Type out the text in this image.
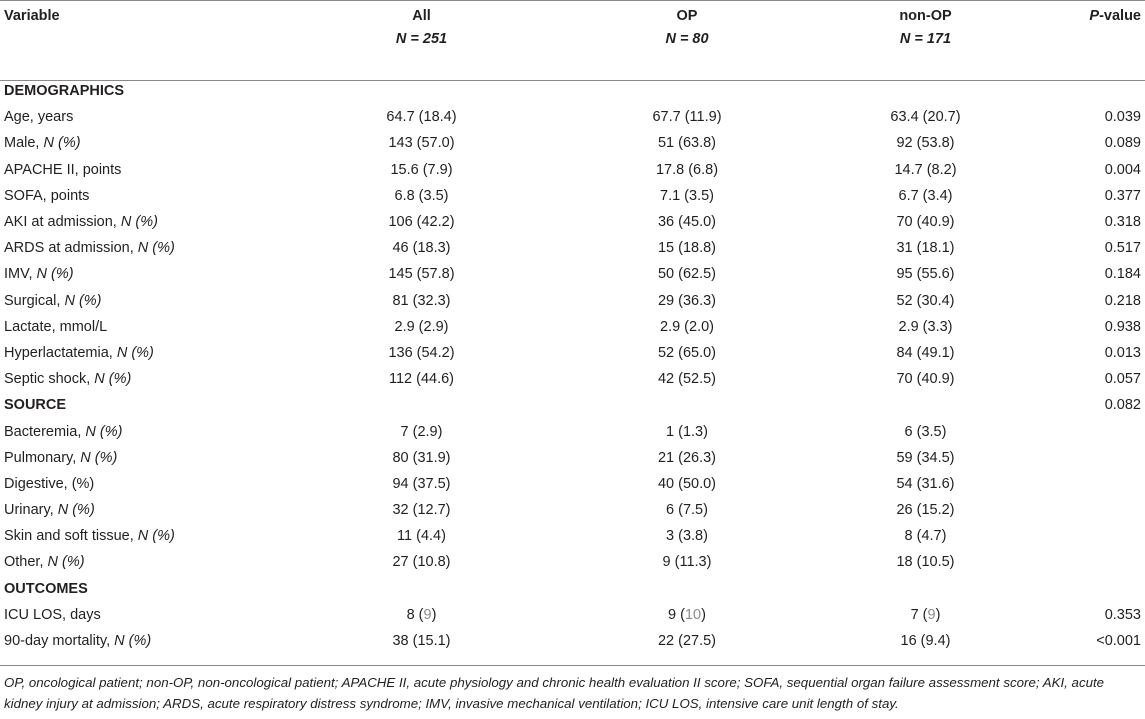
Variable	All	OP	non-OP	P-value
	N = 251	N = 80	N = 171	
DEMOGRAPHICS				
Age, years	64.7 (18.4)	67.7 (11.9)	63.4 (20.7)	0.039
Male, N (%)	143 (57.0)	51 (63.8)	92 (53.8)	0.089
APACHE II, points	15.6 (7.9)	17.8 (6.8)	14.7 (8.2)	0.004
SOFA, points	6.8 (3.5)	7.1 (3.5)	6.7 (3.4)	0.377
AKI at admission, N (%)	106 (42.2)	36 (45.0)	70 (40.9)	0.318
ARDS at admission, N (%)	46 (18.3)	15 (18.8)	31 (18.1)	0.517
IMV, N (%)	145 (57.8)	50 (62.5)	95 (55.6)	0.184
Surgical, N (%)	81 (32.3)	29 (36.3)	52 (30.4)	0.218
Lactate, mmol/L	2.9 (2.9)	2.9 (2.0)	2.9 (3.3)	0.938
Hyperlactatemia, N (%)	136 (54.2)	52 (65.0)	84 (49.1)	0.013
Septic shock, N (%)	112 (44.6)	42 (52.5)	70 (40.9)	0.057
SOURCE				0.082
Bacteremia, N (%)	7 (2.9)	1 (1.3)	6 (3.5)	
Pulmonary, N (%)	80 (31.9)	21 (26.3)	59 (34.5)	
Digestive, (%)	94 (37.5)	40 (50.0)	54 (31.6)	
Urinary, N (%)	32 (12.7)	6 (7.5)	26 (15.2)	
Skin and soft tissue, N (%)	11 (4.4)	3 (3.8)	8 (4.7)	
Other, N (%)	27 (10.8)	9 (11.3)	18 (10.5)	
OUTCOMES				
ICU LOS, days	8 (9)	9 (10)	7 (9)	0.353
90-day mortality, N (%)	38 (15.1)	22 (27.5)	16 (9.4)	<0.001
OP, oncological patient; non-OP, non-oncological patient; APACHE II, acute physiology and chronic health evaluation II score; SOFA, sequential organ failure assessment score; AKI, acute kidney injury at admission; ARDS, acute respiratory distress syndrome; IMV, invasive mechanical ventilation; ICU LOS, intensive care unit length of stay.
